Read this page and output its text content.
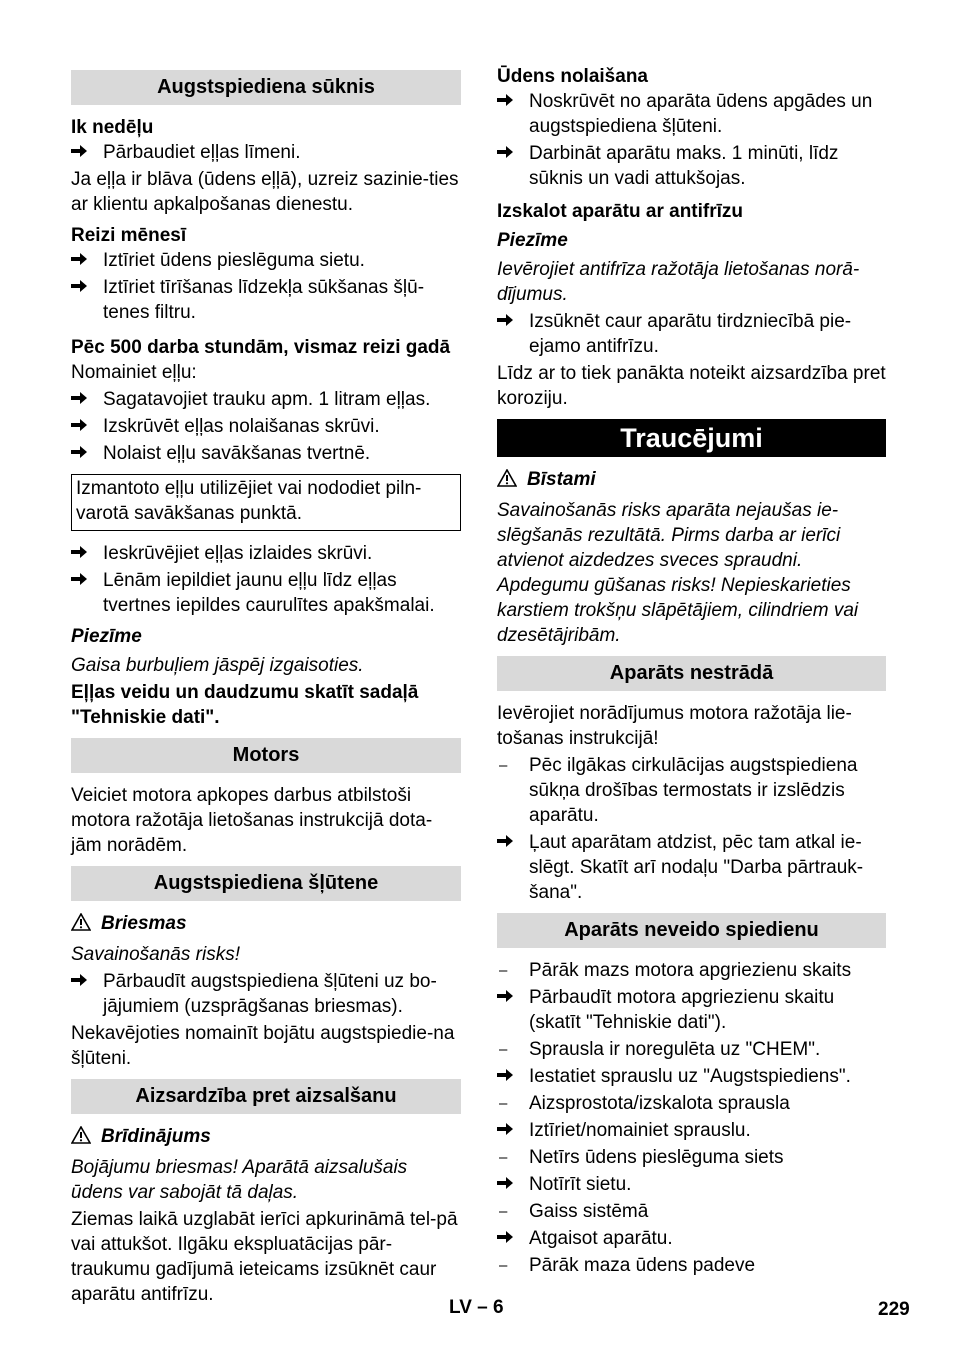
Augstspiediena sūknis
Ik nedēļu
Pārbaudiet eļļas līmeni.
Ja eļļa ir blāva (ūdens eļļā), uzreiz sazinie-ties ar klientu apkalpošanas dienestu.
Reizi mēnesī
Iztīriet ūdens pieslēguma sietu.
Iztīriet tīrīšanas līdzekļa sūkšanas šļū-tenes filtru.
Pēc 500 darba stundām, vismaz reizi gadā
Nomainiet eļļu:
Sagatavojiet trauku apm. 1 litram eļļas.
Izskrūvēt eļļas nolaišanas skrūvi.
Nolaist eļļu savākšanas tvertnē.
Izmantoto eļļu utilizējiet vai nododiet piln-varotā savākšanas punktā.
Ieskrūvējiet eļļas izlaides skrūvi.
Lēnām iepildiet jaunu eļļu līdz eļļas tvertnes iepildes caurulītes apakšmalai.
Piezīme
Gaisa burbuļiem jāspēj izgaisoties.
Eļļas veidu un daudzumu skatīt sadaļā "Tehniskie dati".
Motors
Veiciet motora apkopes darbus atbilstoši motora ražotāja lietošanas instrukcijā dota-jām norādēm.
Augstspiediena šļūtene
Briesmas
Savainošanās risks!
Pārbaudīt augstspiediena šļūteni uz bo-jājumiem (uzsprāgšanas briesmas).
Nekavējoties nomainīt bojātu augstspiedie-na šļūteni.
Aizsardzība pret aizsalšanu
Brīdinājums
Bojājumu briesmas! Aparātā aizsalušais ūdens var sabojāt tā daļas.
Ziemas laikā uzglabāt ierīci apkurināmā tel-pā vai attukšot. Ilgāku ekspluatācijas pār-traukumu gadījumā ieteicams izsūknēt caur aparātu antifrīzu.
Ūdens nolaišana
Noskrūvēt no aparāta ūdens apgādes un augstspiediena šļūteni.
Darbināt aparātu maks. 1 minūti, līdz sūknis un vadi attukšojas.
Izskalot aparātu ar antifrīzu
Piezīme
Ievērojiet antifrīza ražotāja lietošanas norā-dījumus.
Izsūknēt caur aparātu tirdzniecībā pie-ejamo antifrīzu.
Līdz ar to tiek panākta noteikt aizsardzība pret koroziju.
Traucējumi
Bīstami
Savainošanās risks aparāta nejaušas ie-slēgšanās rezultātā. Pirms darba ar ierīci atvienot aizdedzes sveces spraudni. Apdegumu gūšanas risks! Nepieskarieties karstiem trokšņu slāpētājiem, cilindriem vai dzesētājribām.
Aparāts nestrādā
Ievērojiet norādījumus motora ražotāja lie-tošanas instrukcijā!
–	Pēc ilgākas cirkulācijas augstspiediena sūkņa drošības termostats ir izslēdzis aparātu.
Ļaut aparātam atdzist, pēc tam atkal ie-slēgt. Skatīt arī nodaļu "Darba pārtrauk-šana".
Aparāts neveido spiedienu
–	Pārāk mazs motora apgriezienu skaits
Pārbaudīt motora apgriezienu skaitu (skatīt "Tehniskie dati").
–	Sprausla ir noregulēta uz "CHEM".
Iestatiet sprauslu uz "Augstspiediens".
–	Aizsprostota/izskalota sprausla
Iztīriet/nomainiet sprauslu.
–	Netīrs ūdens pieslēguma siets
Notīrīt sietu.
–	Gaiss sistēmā
Atgaisot aparātu.
–	Pārāk maza ūdens padeve
LV – 6	229
